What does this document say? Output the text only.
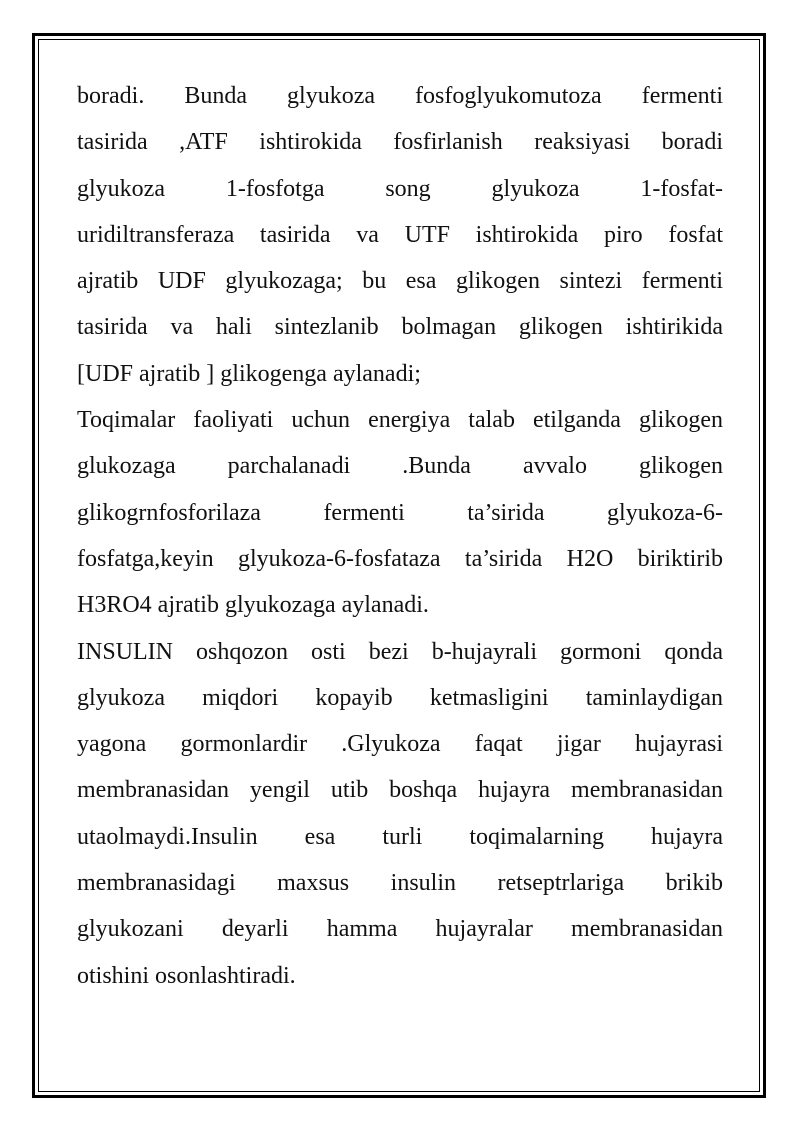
boradi. Bunda glyukoza fosfoglyukomutoza fermenti
tasirida ,ATF ishtirokida fosfirlanish reaksiyasi boradi
glyukoza 1-fosfotga song glyukoza 1-fosfat-
uridiltransferaza tasirida va UTF ishtirokida piro fosfat
ajratib UDF glyukozaga; bu esa glikogen sintezi fermenti
tasirida va hali sintezlanib bolmagan glikogen ishtirikida
[UDF ajratib ] glikogenga aylanadi;
Toqimalar faoliyati uchun energiya talab etilganda glikogen
glukozaga parchalanadi .Bunda avvalo glikogen
glikogrnfosforilaza fermenti ta’sirida glyukoza-6-
fosfatga,keyin glyukoza-6-fosfataza ta’sirida H2O biriktirib
H3RO4 ajratib glyukozaga aylanadi.
INSULIN oshqozon osti bezi b-hujayrali gormoni qonda
glyukoza miqdori kopayib ketmasligini taminlaydigan
yagona gormonlardir .Glyukoza faqat jigar hujayrasi
membranasidan yengil utib boshqa hujayra membranasidan
utaolmaydi.Insulin esa turli toqimalarning hujayra
membranasidagi maxsus insulin retseptrlariga brikib
glyukozani deyarli hamma hujayralar membranasidan
otishini osonlashtiradi.
